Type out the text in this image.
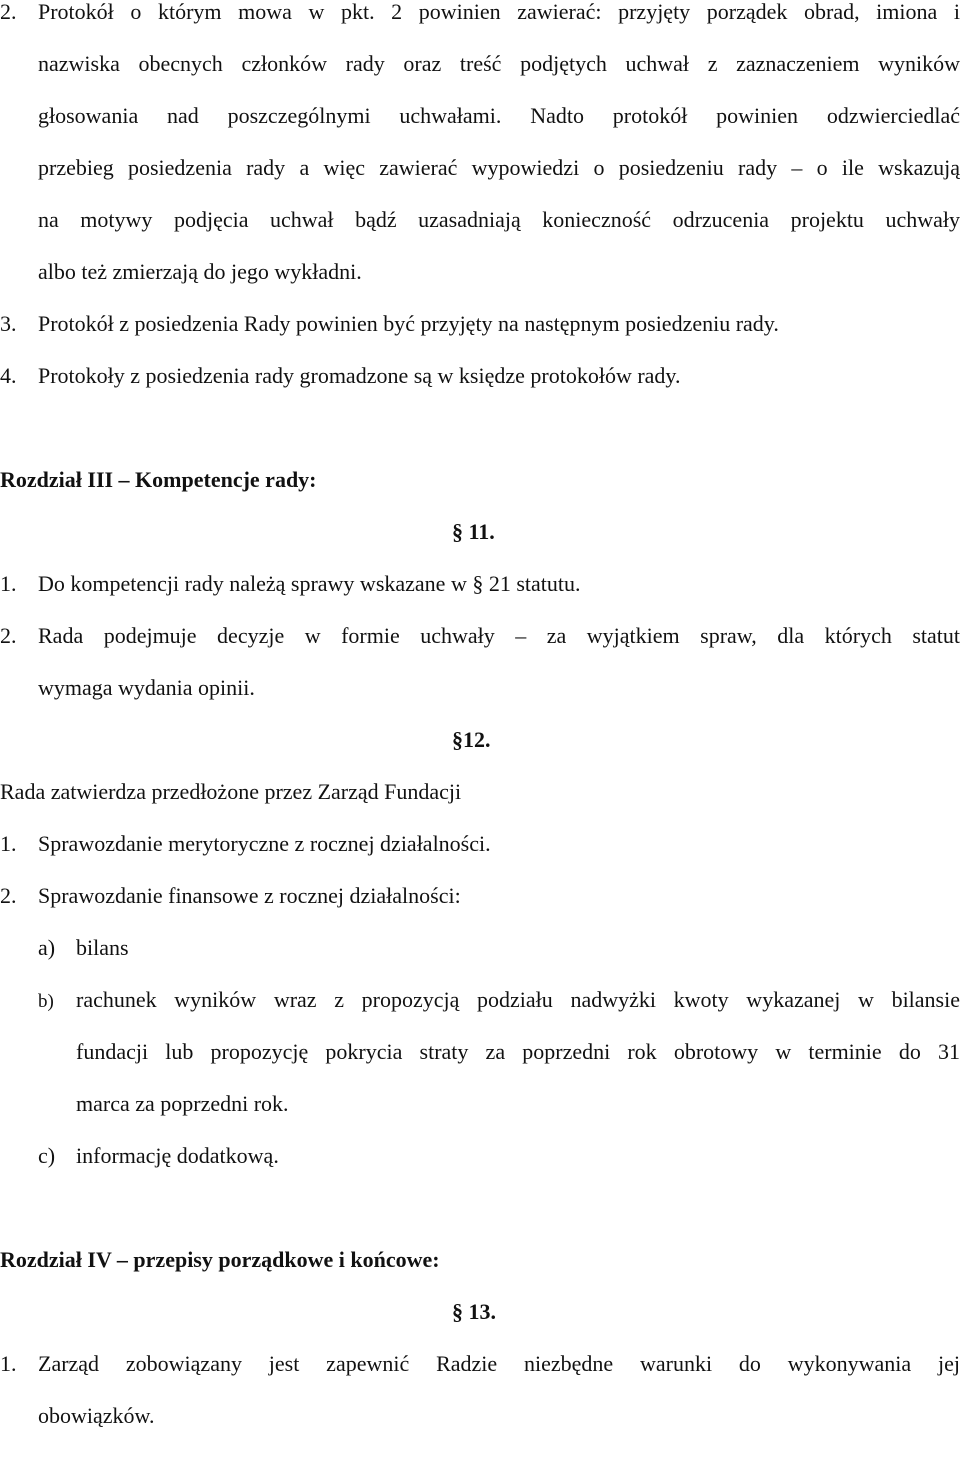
2. Protokół o którym mowa w pkt. 2 powinien zawierać: przyjęty porządek obrad, imiona i
nazwiska obecnych członków rady oraz treść podjętych uchwał z zaznaczeniem wyników
głosowania nad poszczególnymi uchwałami. Nadto protokół powinien odzwierciedlać
przebieg posiedzenia rady a więc zawierać wypowiedzi o posiedzeniu rady – o ile wskazują
na motywy podjęcia uchwał bądź uzasadniają konieczność odrzucenia projektu uchwały
albo też zmierzają do jego wykładni.
3. Protokół z posiedzenia Rady powinien być przyjęty na następnym posiedzeniu rady.
4. Protokoły z posiedzenia rady gromadzone są w księdze protokołów rady.
Rozdział III – Kompetencje rady:
§ 11.
1. Do kompetencji rady należą sprawy wskazane w § 21 statutu.
2. Rada podejmuje decyzje w formie uchwały – za wyjątkiem spraw, dla których statut
wymaga wydania opinii.
§12.
Rada zatwierdza przedłożone przez Zarząd Fundacji
1. Sprawozdanie merytoryczne z rocznej działalności.
2. Sprawozdanie finansowe z rocznej działalności:
a) bilans
b)	rachunek wyników wraz z propozycją podziału nadwyżki kwoty wykazanej w bilansie
fundacji lub propozycję pokrycia straty za poprzedni rok obrotowy w terminie do 31
marca za poprzedni rok.
c) informację dodatkową.
Rozdział IV – przepisy porządkowe i końcowe:
§ 13.
1. Zarząd zobowiązany jest zapewnić Radzie niezbędne warunki do wykonywania jej
obowiązków.
